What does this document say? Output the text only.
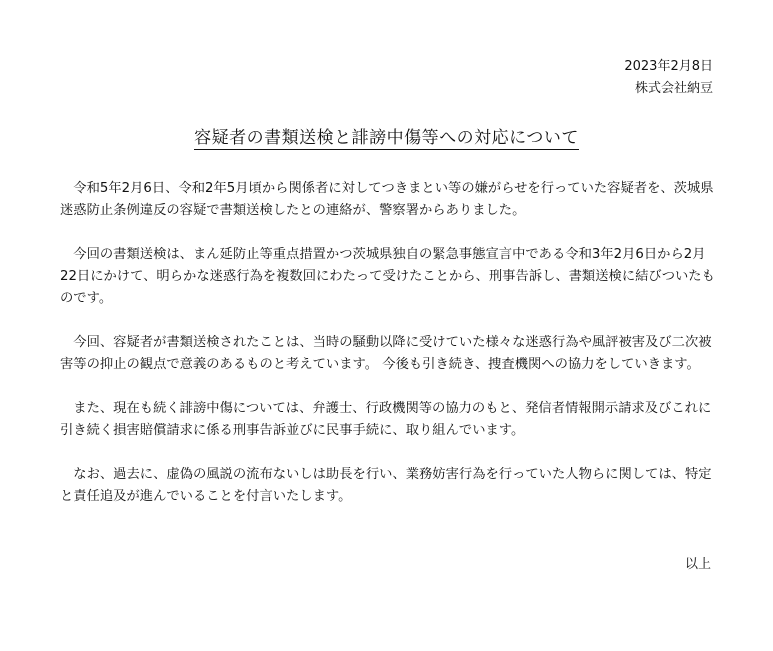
2023年2月8日
株式会社納豆
容疑者の書類送検と誹謗中傷等への対応について

令和5年2月6日、令和2年5月頃から関係者に対してつきまとい等の嫌がらせを行っていた容疑者を、茨城県迷惑防止条例違反の容疑で書類送検したとの連絡が、警察署からありました。

今回の書類送検は、まん延防止等重点措置かつ茨城県独自の緊急事態宣言中である令和3年2月6日から2月22日にかけて、明らかな迷惑行為を複数回にわたって受けたことから、刑事告訴し、書類送検に結びついたものです。

今回、容疑者が書類送検されたことは、当時の騒動以降に受けていた様々な迷惑行為や風評被害及び二次被害等の抑止の観点で意義のあるものと考えています。 今後も引き続き、捜査機関への協力をしていきます。

また、現在も続く誹謗中傷については、弁護士、行政機関等の協力のもと、発信者情報開示請求及びこれに引き続く損害賠償請求に係る刑事告訴並びに民事手続に、取り組んでいます。

なお、過去に、虚偽の風説の流布ないしは助長を行い、業務妨害行為を行っていた人物らに関しては、特定と責任追及が進んでいることを付言いたします。

以上
